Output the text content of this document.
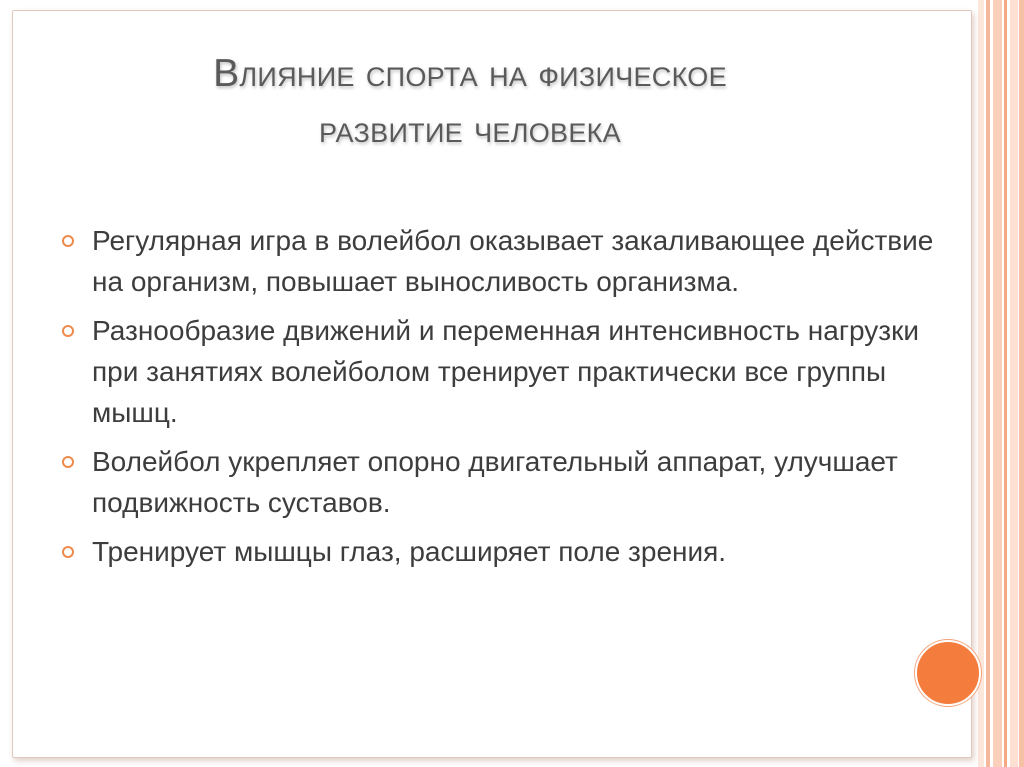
Влияние спорта на физическое
развитие человека
Регулярная игра в волейбол оказывает закаливающее действие на организм, повышает выносливость организма.
Разнообразие движений и переменная интенсивность нагрузки при занятиях волейболом тренирует практически все группы мышц.
Волейбол укрепляет опорно двигательный аппарат, улучшает подвижность суставов.
Тренирует мышцы глаз, расширяет поле зрения.
